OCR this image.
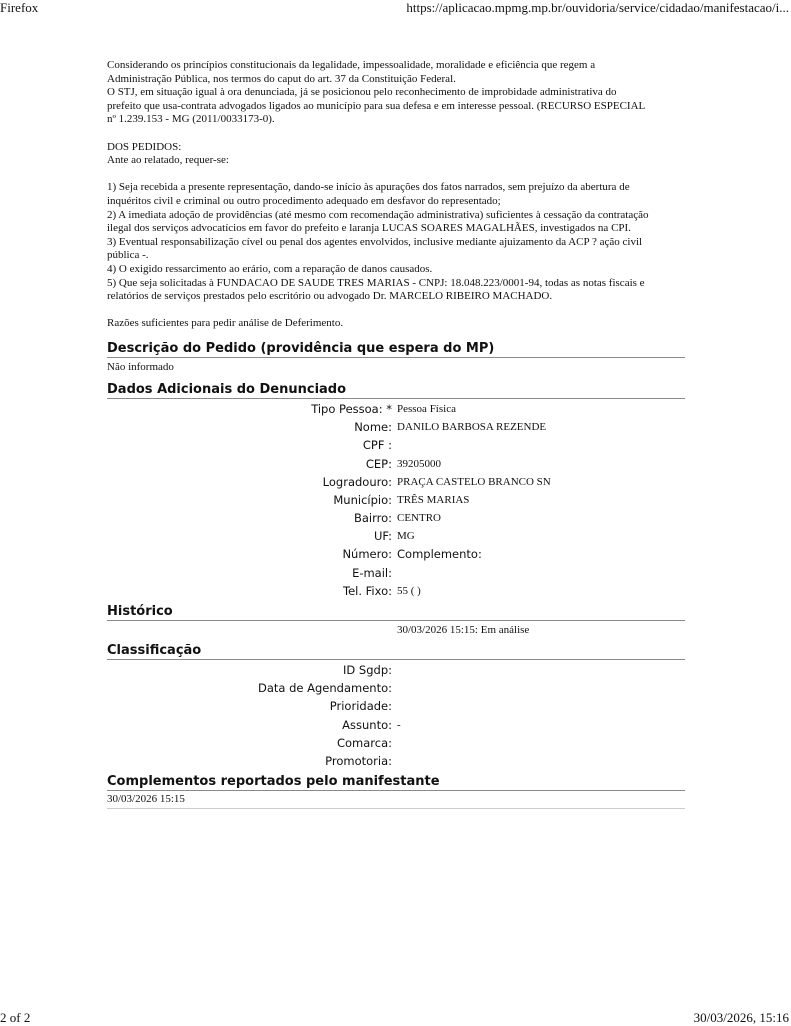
Firefox	https://aplicacao.mpmg.mp.br/ouvidoria/service/cidadao/manifestacao/i...

Considerando os princípios constitucionais da legalidade, impessoalidade, moralidade e eficiência que regem a

Administração Pública, nos termos do caput do art. 37 da Constituição Federal.

O STJ, em situação igual à ora denunciada, já se posicionou pelo reconhecimento de improbidade administrativa do

prefeito que usa-contrata advogados ligados ao município para sua defesa e em interesse pessoal. (RECURSO ESPECIAL

nº 1.239.153 - MG (2011/0033173-0).

DOS PEDIDOS:

Ante ao relatado, requer-se:

1) Seja recebida a presente representação, dando-se início às apurações dos fatos narrados, sem prejuízo da abertura de

inquéritos civil e criminal ou outro procedimento adequado em desfavor do representado;

2) A imediata adoção de providências (até mesmo com recomendação administrativa) suficientes à cessação da contratação

ilegal dos serviços advocatícios em favor do prefeito e laranja LUCAS SOARES MAGALHÃES, investigados na CPI.

3) Eventual responsabilização cível ou penal dos agentes envolvidos, inclusive mediante ajuizamento da ACP ? ação civil

pública -.

4) O exigido ressarcimento ao erário, com a reparação de danos causados.

5) Que seja solicitadas à FUNDACAO DE SAUDE TRES MARIAS - CNPJ: 18.048.223/0001-94, todas as notas fiscais e

relatórios de serviços prestados pelo escritório ou advogado Dr. MARCELO RIBEIRO MACHADO.

Razões suficientes para pedir análise de Deferimento.

Descrição do Pedido (providência que espera do MP)
Não informado
Dados Adicionais do Denunciado
Tipo Pessoa: * Pessoa Física
Nome: DANILO BARBOSA REZENDE
CPF :
CEP: 39205000
Logradouro: PRAÇA CASTELO BRANCO SN
Município: TRÊS MARIAS
Bairro: CENTRO
UF: MG
Número: Complemento:
E-mail:
Tel. Fixo: 55 ( )
Histórico
30/03/2026 15:15: Em análise
Classificação
ID Sgdp:
Data de Agendamento:
Prioridade:
Assunto: -
Comarca:
Promotoria:
Complementos reportados pelo manifestante
30/03/2026 15:15
2 of 2	30/03/2026, 15:16
